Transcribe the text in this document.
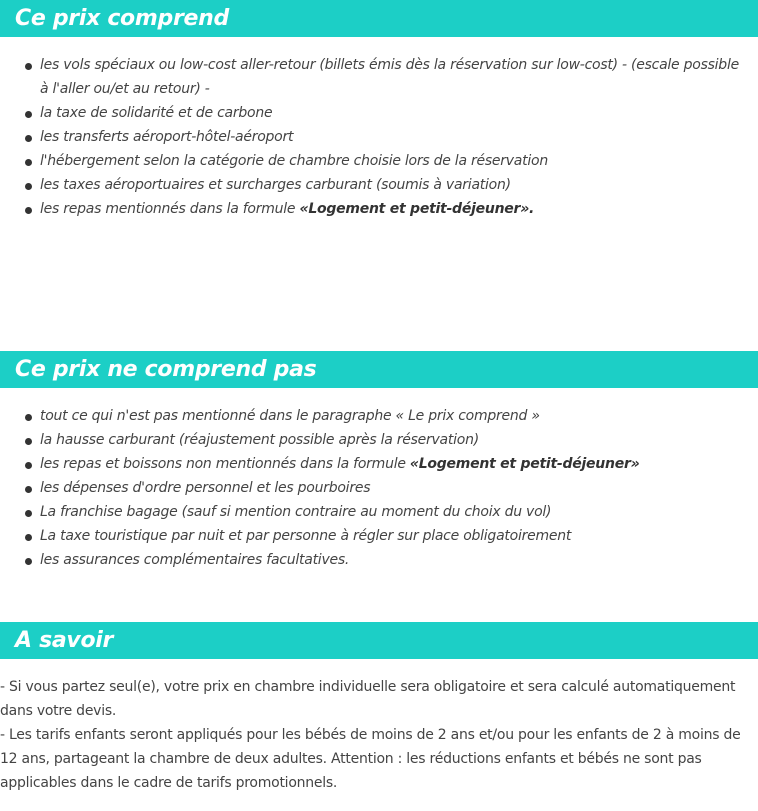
Ce prix comprend
les vols spéciaux ou low-cost aller-retour (billets émis dès la réservation sur low-cost) - (escale possible à l'aller ou/et au retour) -
la taxe de solidarité et de carbone
les transferts aéroport-hôtel-aéroport
l'hébergement selon la catégorie de chambre choisie lors de la réservation
les taxes aéroportuaires et surcharges carburant (soumis à variation)
les repas mentionnés dans la formule «Logement et petit-déjeuner».
Ce prix ne comprend pas
tout ce qui n'est pas mentionné dans le paragraphe « Le prix comprend »
la hausse carburant (réajustement possible après la réservation)
les repas et boissons non mentionnés dans la formule «Logement et petit-déjeuner»
les dépenses d'ordre personnel et les pourboires
La franchise bagage (sauf si mention contraire au moment du choix du vol)
La taxe touristique par nuit et par personne à régler sur place obligatoirement
les assurances complémentaires facultatives.
A savoir

- Si vous partez seul(e), votre prix en chambre individuelle sera obligatoire et sera calculé automatiquement dans votre devis.

- Les tarifs enfants seront appliqués pour les bébés de moins de 2 ans et/ou pour les enfants de 2 à moins de 12 ans, partageant la chambre de deux adultes. Attention : les réductions enfants et bébés ne sont pas applicables dans le cadre de tarifs promotionnels.
